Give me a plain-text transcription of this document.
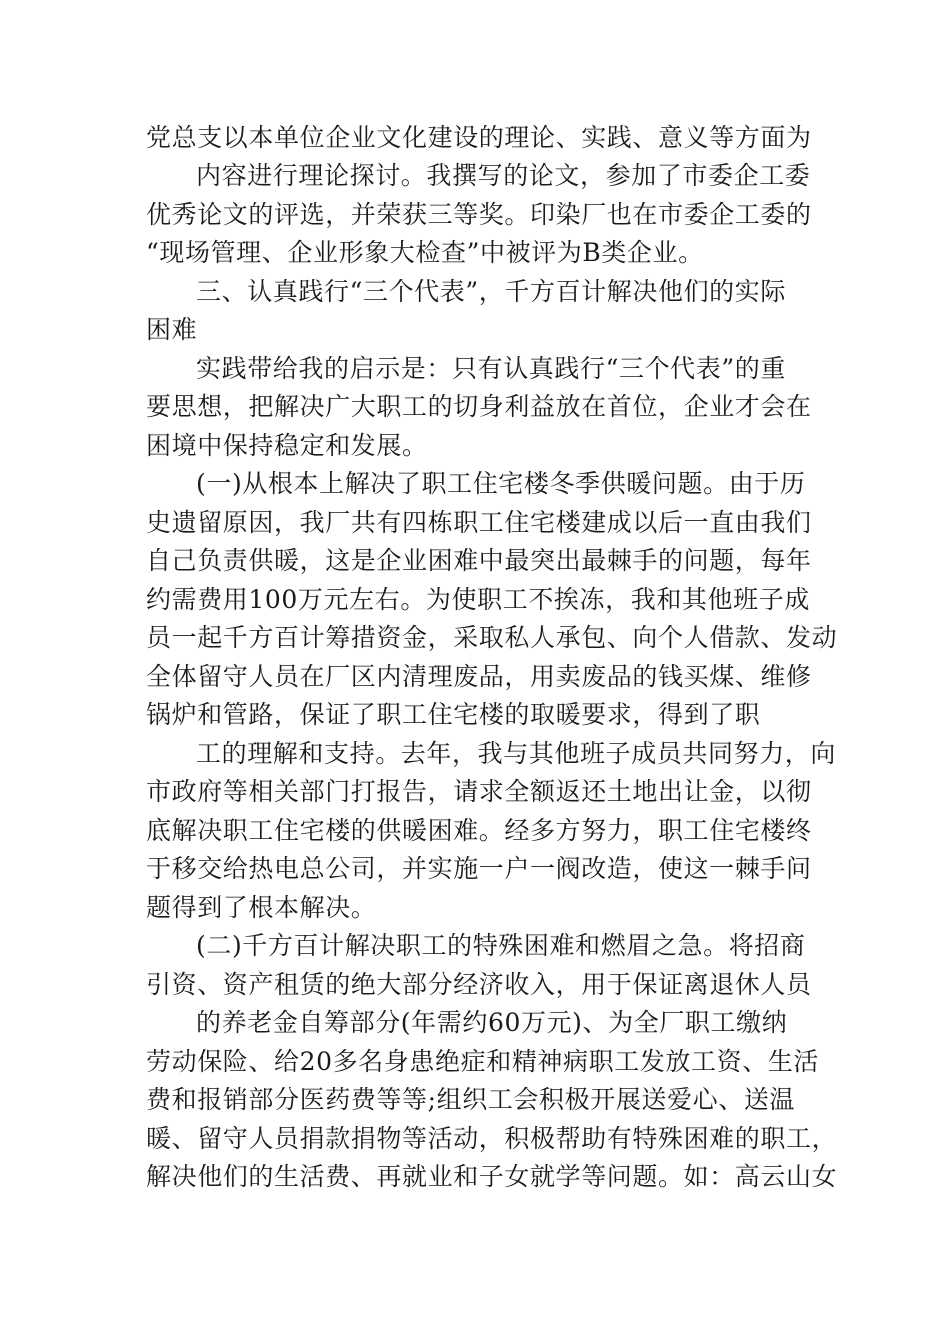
党总支以本单位企业文化建设的理论、实践、意义等方面为
内容进行理论探讨。我撰写的论文，参加了市委企工委
优秀论文的评选，并荣获三等奖。印染厂也在市委企工委的
“现场管理、企业形象大检查”中被评为B类企业。
三、认真践行“三个代表”，千方百计解决他们的实际
困难
实践带给我的启示是：只有认真践行“三个代表”的重
要思想，把解决广大职工的切身利益放在首位，企业才会在
困境中保持稳定和发展。
(一)从根本上解决了职工住宅楼冬季供暖问题。由于历
史遗留原因，我厂共有四栋职工住宅楼建成以后一直由我们
自己负责供暖，这是企业困难中最突出最棘手的问题，每年
约需费用100万元左右。为使职工不挨冻，我和其他班子成
员一起千方百计筹措资金，采取私人承包、向个人借款、发动
全体留守人员在厂区内清理废品，用卖废品的钱买煤、维修
锅炉和管路，保证了职工住宅楼的取暖要求，得到了职
工的理解和支持。去年，我与其他班子成员共同努力，向
市政府等相关部门打报告，请求全额返还土地出让金，以彻
底解决职工住宅楼的供暖困难。经多方努力，职工住宅楼终
于移交给热电总公司，并实施一户一阀改造，使这一棘手问
题得到了根本解决。
(二)千方百计解决职工的特殊困难和燃眉之急。将招商
引资、资产租赁的绝大部分经济收入，用于保证离退休人员
的养老金自筹部分(年需约60万元)、为全厂职工缴纳
劳动保险、给20多名身患绝症和精神病职工发放工资、生活
费和报销部分医药费等等;组织工会积极开展送爱心、送温
暖、留守人员捐款捐物等活动，积极帮助有特殊困难的职工，
解决他们的生活费、再就业和子女就学等问题。如：高云山女
